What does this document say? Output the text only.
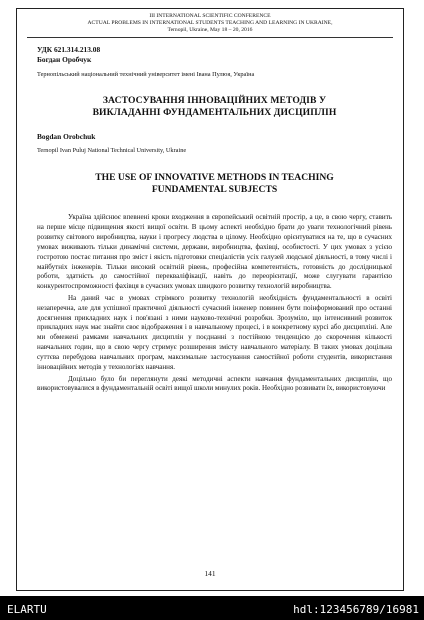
III INTERNATIONAL SCIENTIFIC CONFERENCE
ACTUAL PROBLEMS IN INTERNATIONAL STUDENTS TEACHING AND LEARNING IN UKRAINE,
Ternopil, Ukraine, May 18 – 20, 2016
УДК 621.314.213.08
Богдан Оробчук
Тернопільський національний технічний університет імені Івана Пулюя, Україна
ЗАСТОСУВАННЯ ІННОВАЦІЙНИХ МЕТОДІВ У
ВИКЛАДАННІ ФУНДАМЕНТАЛЬНИХ ДИСЦИПЛІН
Bogdan Orobchuk
Ternopil Ivan Puluj National Technical University, Ukraine
THE USE OF INNOVATIVE METHODS IN TEACHING
FUNDAMENTAL SUBJECTS

Україна здійснює впевнені кроки входження в європейський освітній простір, а це, в свою чергу, ставить на перше місце підвищення якості вищої освіти. В цьому аспекті необхідно брати до уваги технологічний рівень розвитку світового виробництва, науки і прогресу людства в цілому. Необхідно орієнтуватися на те, що в сучасних умовах виживають тільки динамічні системи, держави, виробництва, фахівці, особистості. У цих умовах з усією гостротою постає питання про зміст і якість підготовки спеціалістів усіх галузей людської діяльності, в тому числі і майбутніх інженерів. Тільки високий освітній рівень, професійна компетентність, готовність до дослідницької роботи, здатність до самостійної перекваліфікації, навіть до переорієнтації, може слугувати гарантією конкурентоспроможності фахівця в сучасних умовах швидкого розвитку технологій виробництва.

На даний час в умовах стрімкого розвитку технологій необхідність фундаментальності в освіті незаперечна, але для успішної практичної діяльності сучасний інженер повинен бути поінформований про останні досягнення прикладних наук і пов'язані з ними науково-технічні розробки. Зрозуміло, що інтенсивний розвиток прикладних наук має знайти своє відображення і в навчальному процесі, і в конкретному курсі або дисципліні. Але ми обмежені рамками навчальних дисциплін у поєднанні з постійною тенденцією до скорочення кількості навчальних годин, що в свою чергу стримує розширення змісту навчального матеріалу. В таких умовах доцільна суттєва перебудова навчальних програм, максимальне застосування самостійної роботи студентів, використання інноваційних методів у технологіях навчання.

Доцільно було би переглянути деякі методичні аспекти навчання фундаментальних дисциплін, що використовувалися в фундаментальній освіті вищої школи минулих років. Необхідно розвивати їх, використовуючи

141
ELARTU	hdl:123456789/16981
